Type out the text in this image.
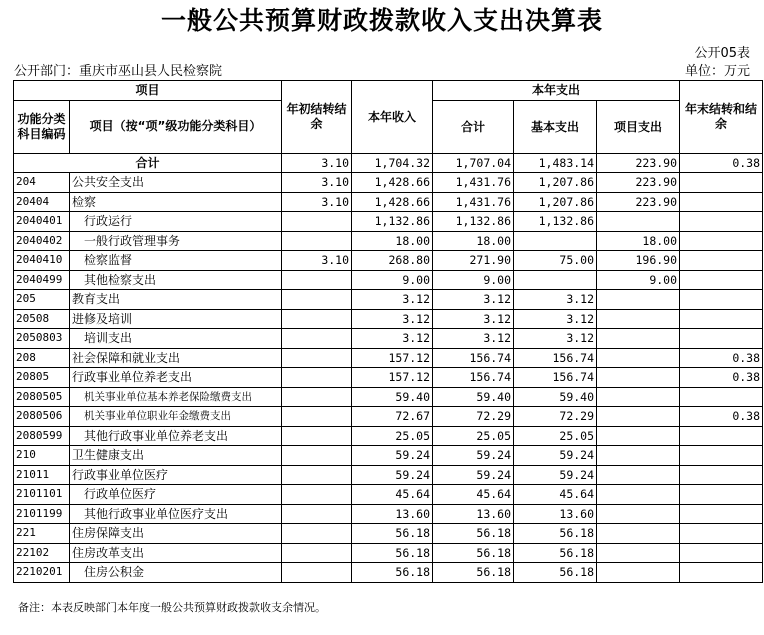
一般公共预算财政拨款收入支出决算表
公开05表
公开部门：重庆市巫山县人民检察院	单位：万元
项目		年初结转结余	本年收入	本年支出			年末结转和结余
功能分类科目编码	项目（按“项”级功能分类科目）			合计	基本支出	项目支出	

合计		3.10	1,704.32	1,707.04	1,483.14	223.90	0.38
204	公共安全支出	3.10	1,428.66	1,431.76	1,207.86	223.90	
20404	检察	3.10	1,428.66	1,431.76	1,207.86	223.90	
2040401	行政运行		1,132.86	1,132.86	1,132.86		
2040402	一般行政管理事务		18.00	18.00		18.00	
2040410	检察监督	3.10	268.80	271.90	75.00	196.90	
2040499	其他检察支出		9.00	9.00		9.00	
205	教育支出		3.12	3.12	3.12		
20508	进修及培训		3.12	3.12	3.12		
2050803	培训支出		3.12	3.12	3.12		
208	社会保障和就业支出		157.12	156.74	156.74		0.38
20805	行政事业单位养老支出		157.12	156.74	156.74		0.38
2080505	机关事业单位基本养老保险缴费支出		59.40	59.40	59.40		
2080506	机关事业单位职业年金缴费支出		72.67	72.29	72.29		0.38
2080599	其他行政事业单位养老支出		25.05	25.05	25.05		
210	卫生健康支出		59.24	59.24	59.24		
21011	行政事业单位医疗		59.24	59.24	59.24		
2101101	行政单位医疗		45.64	45.64	45.64		
2101199	其他行政事业单位医疗支出		13.60	13.60	13.60		
221	住房保障支出		56.18	56.18	56.18		
22102	住房改革支出		56.18	56.18	56.18		
2210201	住房公积金		56.18	56.18	56.18		
备注：本表反映部门本年度一般公共预算财政拨款收支余情况。
